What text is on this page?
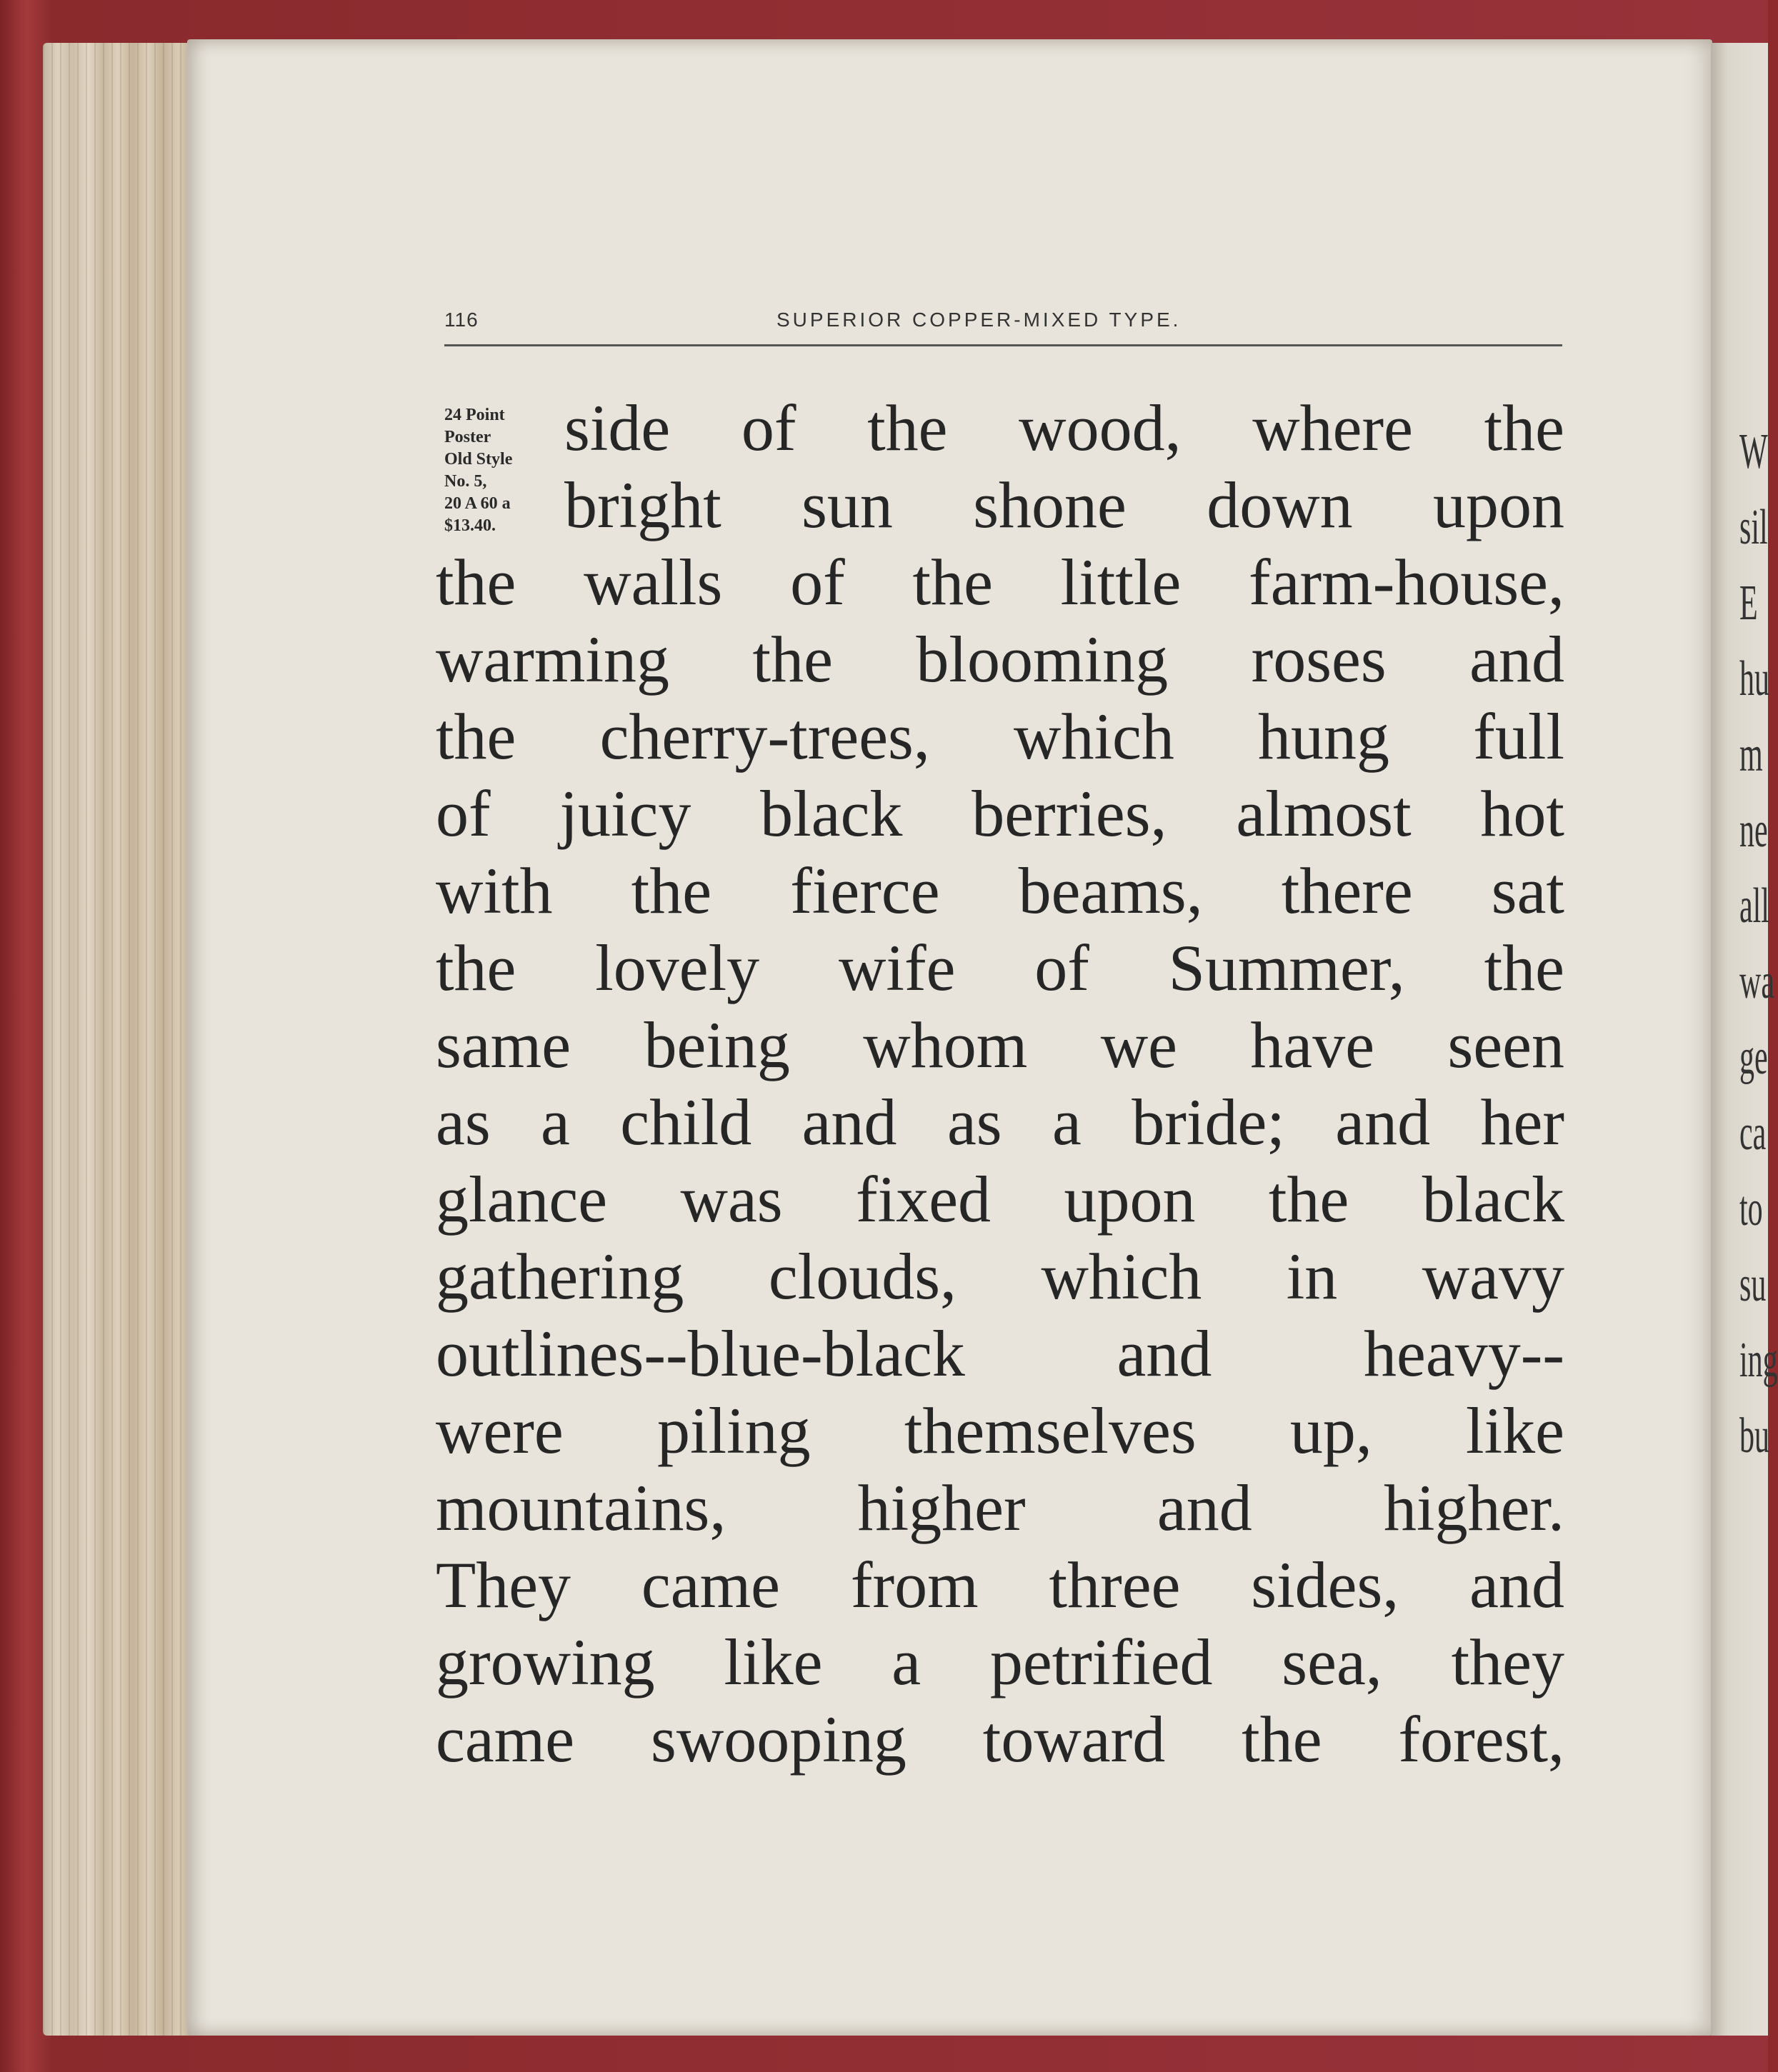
W
sil
E
hu
m
ne
all
wa
ge
ca
to
su
ing
bu
116	SUPERIOR COPPER-MIXED TYPE.
24 Point
Poster
Old Style
No. 5,
20 A 60 a
$13.40.
side of the wood, where the
bright sun shone down upon
the walls of the little farm-house,
warming the blooming roses and
the cherry-trees, which hung full
of juicy black berries, almost hot
with the fierce beams, there sat
the lovely wife of Summer, the
same being whom we have seen
as a child and as a bride; and her
glance was fixed upon the black
gathering clouds, which in wavy
outlines--blue-black and heavy--
were piling themselves up, like
mountains, higher and higher.
They came from three sides, and
growing like a petrified sea, they
came swooping toward the forest,
